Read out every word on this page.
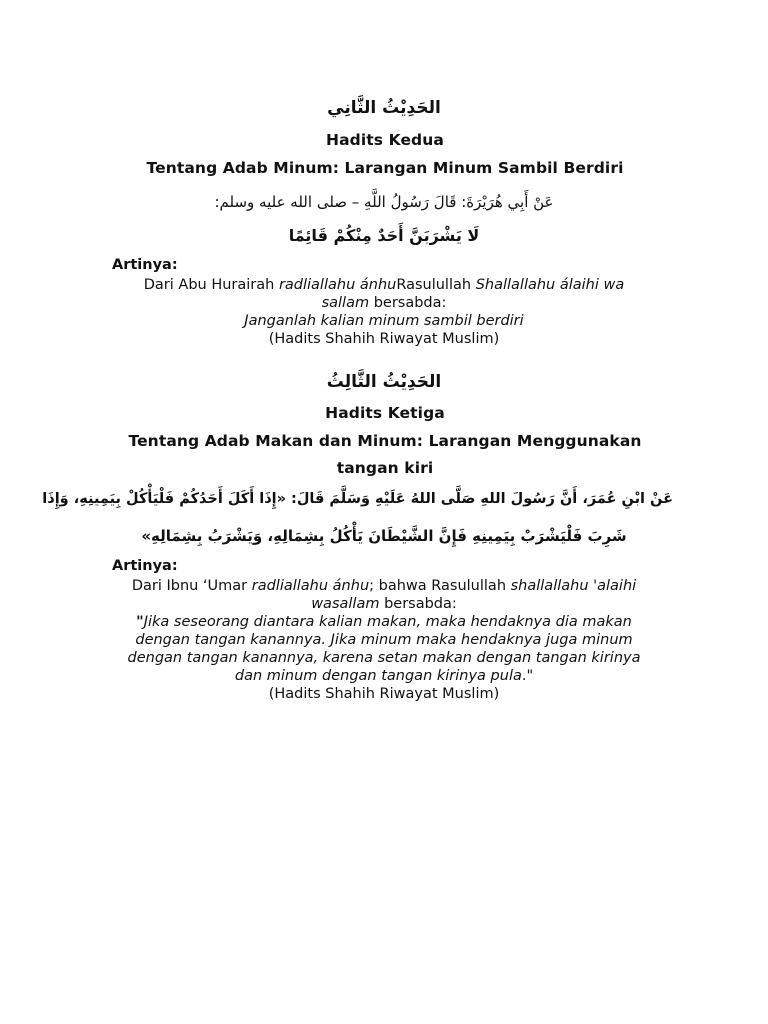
الحَدِيْثُ الثَّانِي
Hadits Kedua
Tentang Adab Minum: Larangan Minum Sambil Berdiri
عَنْ أَبِي هُرَيْرَةَ: قَالَ رَسُولُ اللَّهِ – صلى الله عليه وسلم:
لَا يَشْرَبَنَّ أَحَدٌ مِنْكُمْ قَائِمًا
Artinya:
Dari Abu Hurairah radliallahu ánhuRasulullah Shallallahu álaihi wa
sallam bersabda:
Janganlah kalian minum sambil berdiri
(Hadits Shahih Riwayat Muslim)
الحَدِيْثُ الثَّالِثُ
Hadits Ketiga
Tentang Adab Makan dan Minum: Larangan Menggunakan
tangan kiri
عَنْ ابْنِ عُمَرَ، أَنَّ رَسُولَ اللهِ صَلَّى اللهُ عَلَيْهِ وَسَلَّمَ قَالَ: «إِذَا أَكَلَ أَحَدُكُمْ فَلْيَأْكُلْ بِيَمِينِهِ، وَإِذَا
شَرِبَ فَلْيَشْرَبْ بِيَمِينِهِ فَإِنَّ الشَّيْطَانَ يَأْكُلُ بِشِمَالِهِ، وَيَشْرَبُ بِشِمَالِهِ»
Artinya:
Dari Ibnu ‘Umar radliallahu ánhu; bahwa Rasulullah shallallahu 'alaihi
wasallam bersabda:
"Jika seseorang diantara kalian makan, maka hendaknya dia makan
dengan tangan kanannya. Jika minum maka hendaknya juga minum
dengan tangan kanannya, karena setan makan dengan tangan kirinya
dan minum dengan tangan kirinya pula."
(Hadits Shahih Riwayat Muslim)
